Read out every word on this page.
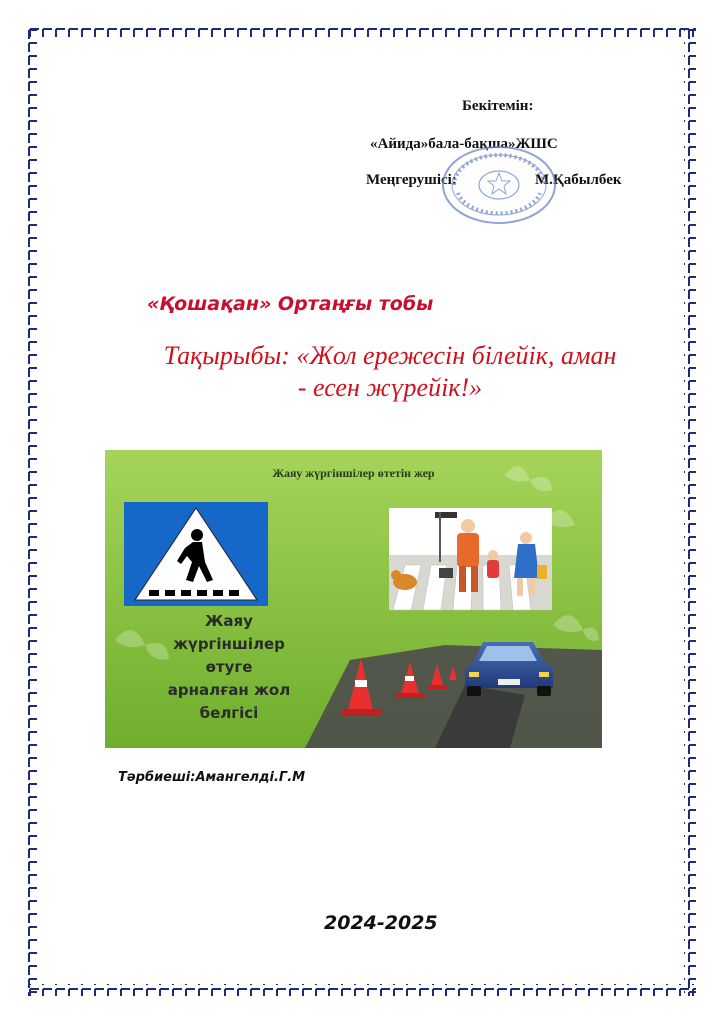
Бекітемін:
«Айида»бала-бақша»ЖШС
Меңгерушісі:	М.Қабылбек
«Қошақан» Ортаңғы тобы
Тақырыбы: «Жол ережесін білейік, аман
- есен жүрейік!»
Жаяу жүргіншілер өтетін жер
Жаяу
жүргіншілер
өтуге
арналған жол
белгісі
Тәрбиеші:Амангелді.Г.М
2024-2025
